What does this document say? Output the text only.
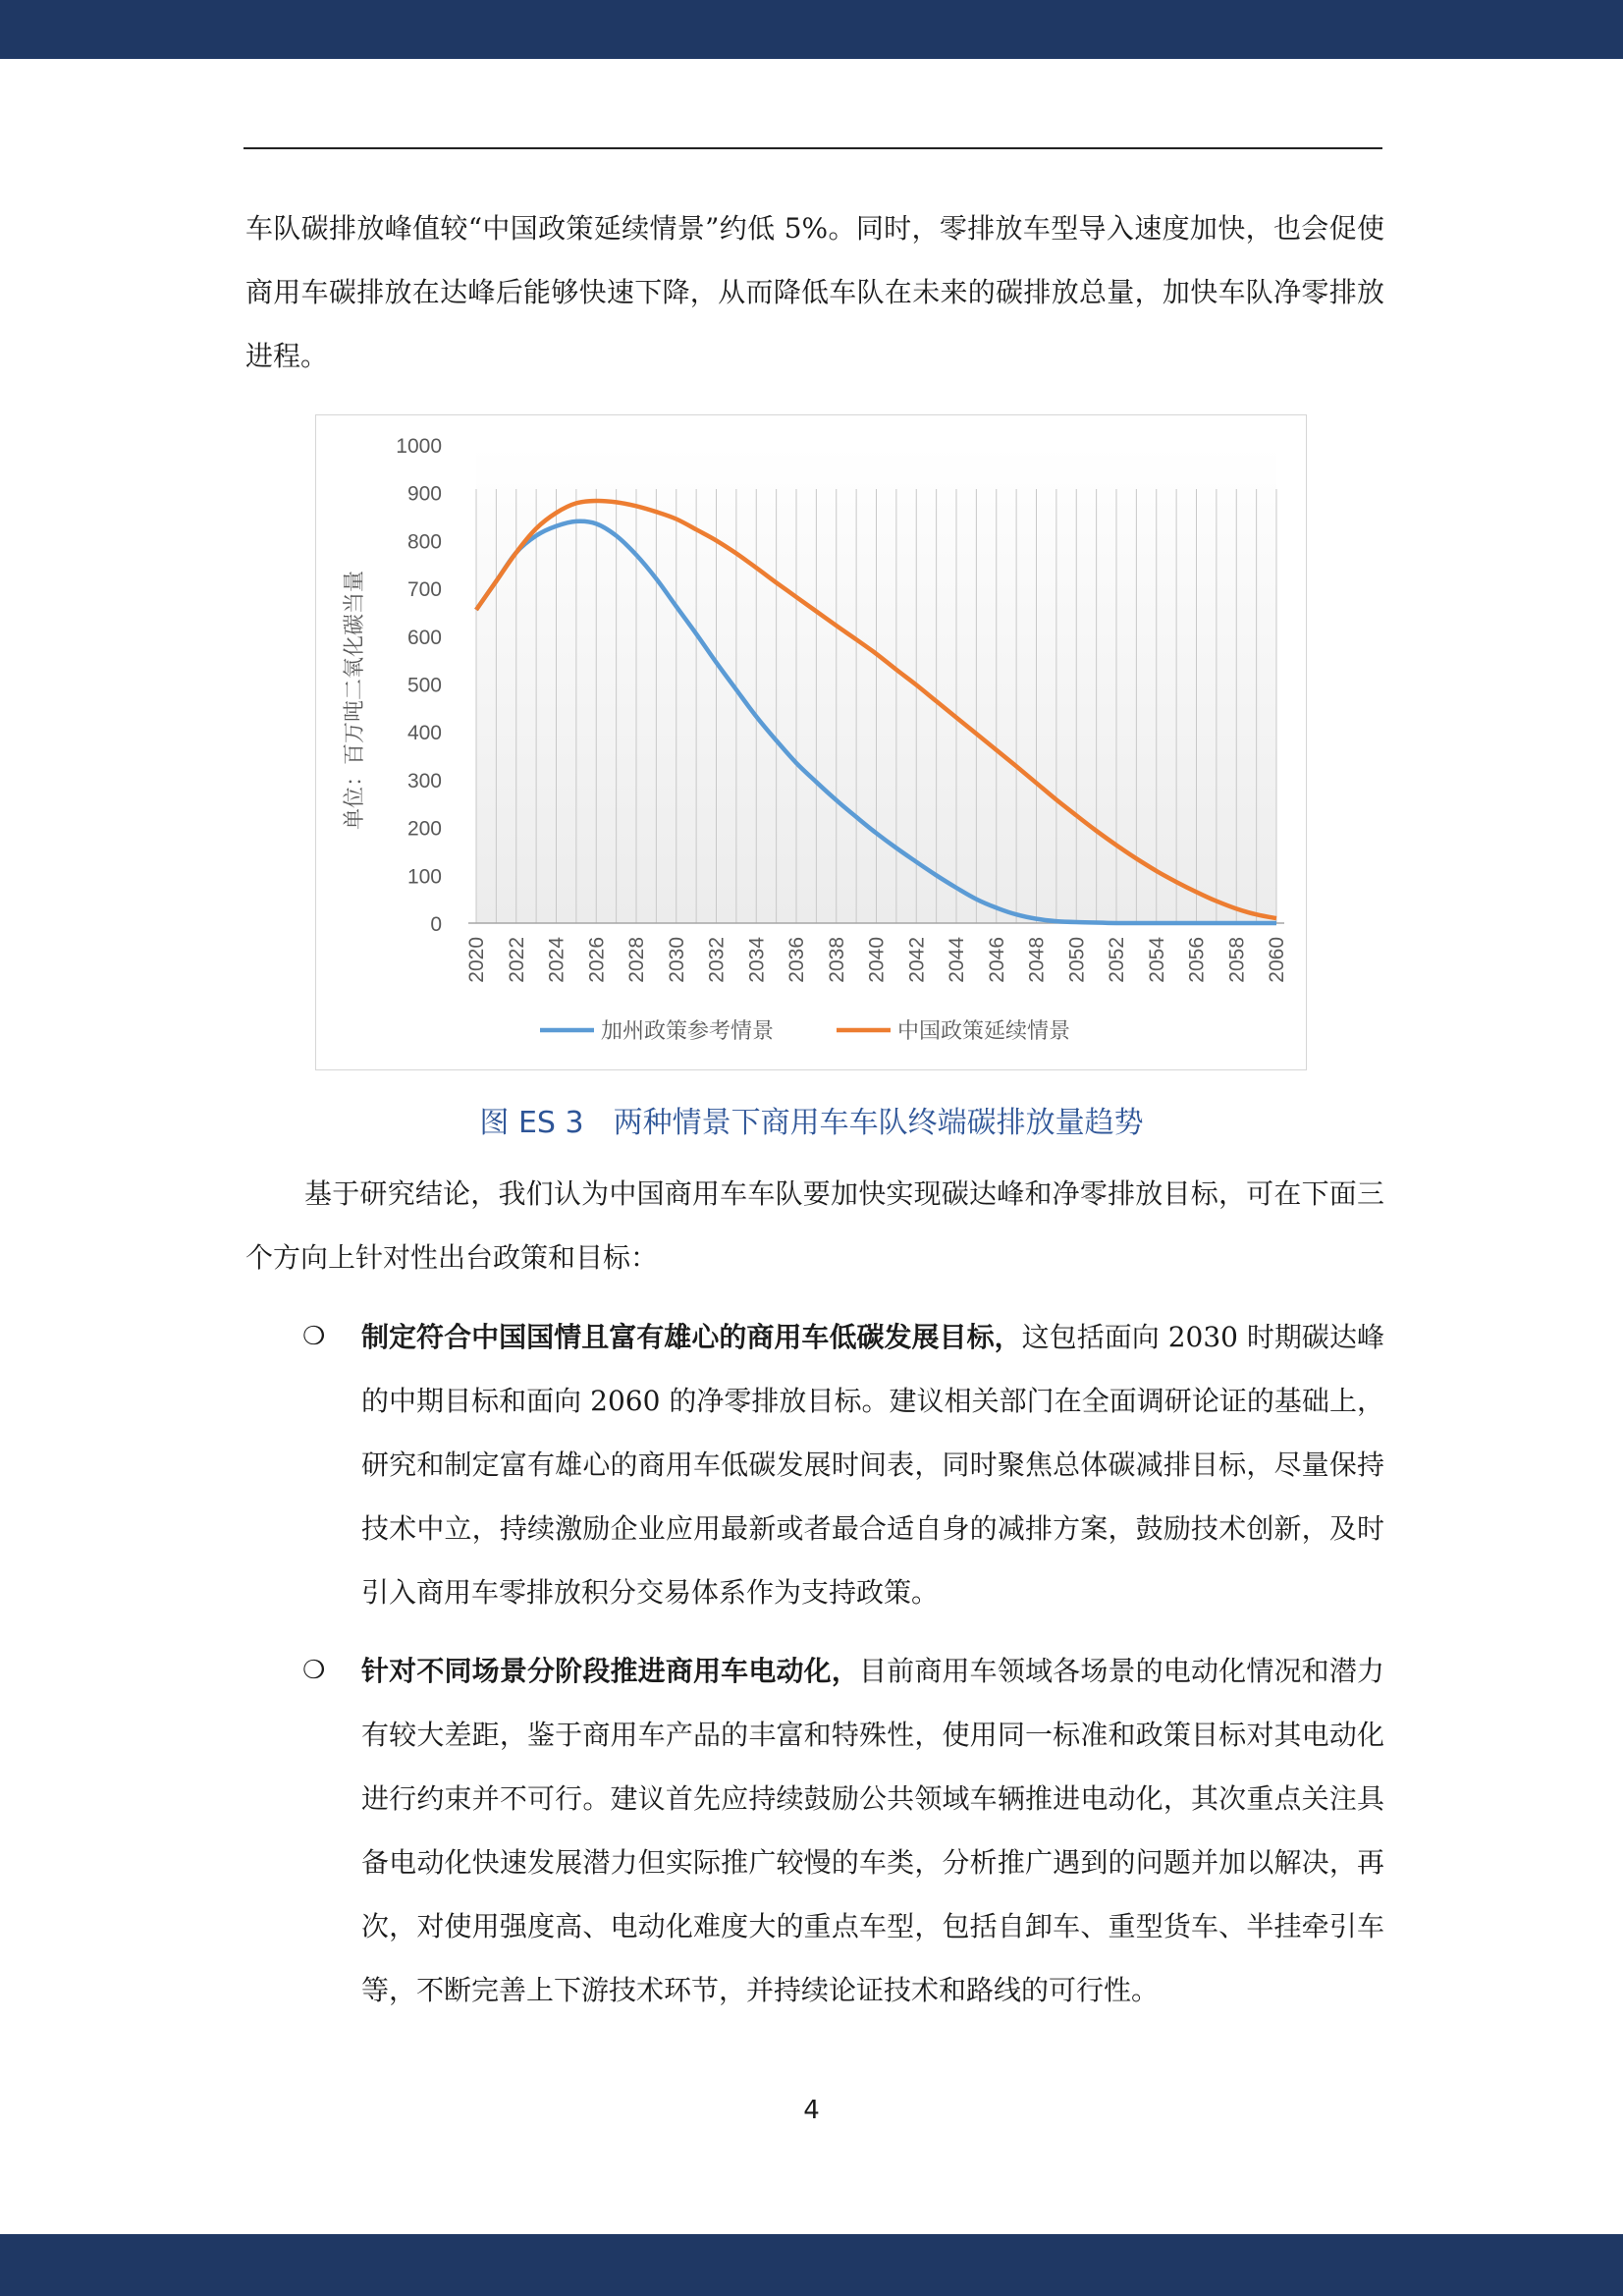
车队碳排放峰值较“中国政策延续情景”约低 5%。同时，零排放车型导入速度加快，也会促使商用车碳排放在达峰后能够快速下降，从而降低车队在未来的碳排放总量，加快车队净零排放进程。

0
100
200
300
400
500
600
700
800
900
1000
2020 2022 2024 2026 2028 2030 2032 2034 2036 2038 2040 2042 2044 2046 2048 2050 2052 2054 2056 2058 2060
加州政策参考情景	中国政策延续情景
单位：百万吨二氧化碳当量
图 ES 3 两种情景下商用车车队终端碳排放量趋势

基于研究结论，我们认为中国商用车车队要加快实现碳达峰和净零排放目标，可在下面三个方向上针对性出台政策和目标：

❍ 制定符合中国国情且富有雄心的商用车低碳发展目标，这包括面向 2030 时期碳达峰的中期目标和面向 2060 的净零排放目标。建议相关部门在全面调研论证的基础上，研究和制定富有雄心的商用车低碳发展时间表，同时聚焦总体碳减排目标，尽量保持技术中立，持续激励企业应用最新或者最合适自身的减排方案，鼓励技术创新，及时引入商用车零排放积分交易体系作为支持政策。

❍ 针对不同场景分阶段推进商用车电动化，目前商用车领域各场景的电动化情况和潜力有较大差距，鉴于商用车产品的丰富和特殊性，使用同一标准和政策目标对其电动化进行约束并不可行。建议首先应持续鼓励公共领域车辆推进电动化，其次重点关注具备电动化快速发展潜力但实际推广较慢的车类，分析推广遇到的问题并加以解决，再次，对使用强度高、电动化难度大的重点车型，包括自卸车、重型货车、半挂牵引车等，不断完善上下游技术环节，并持续论证技术和路线的可行性。

4
